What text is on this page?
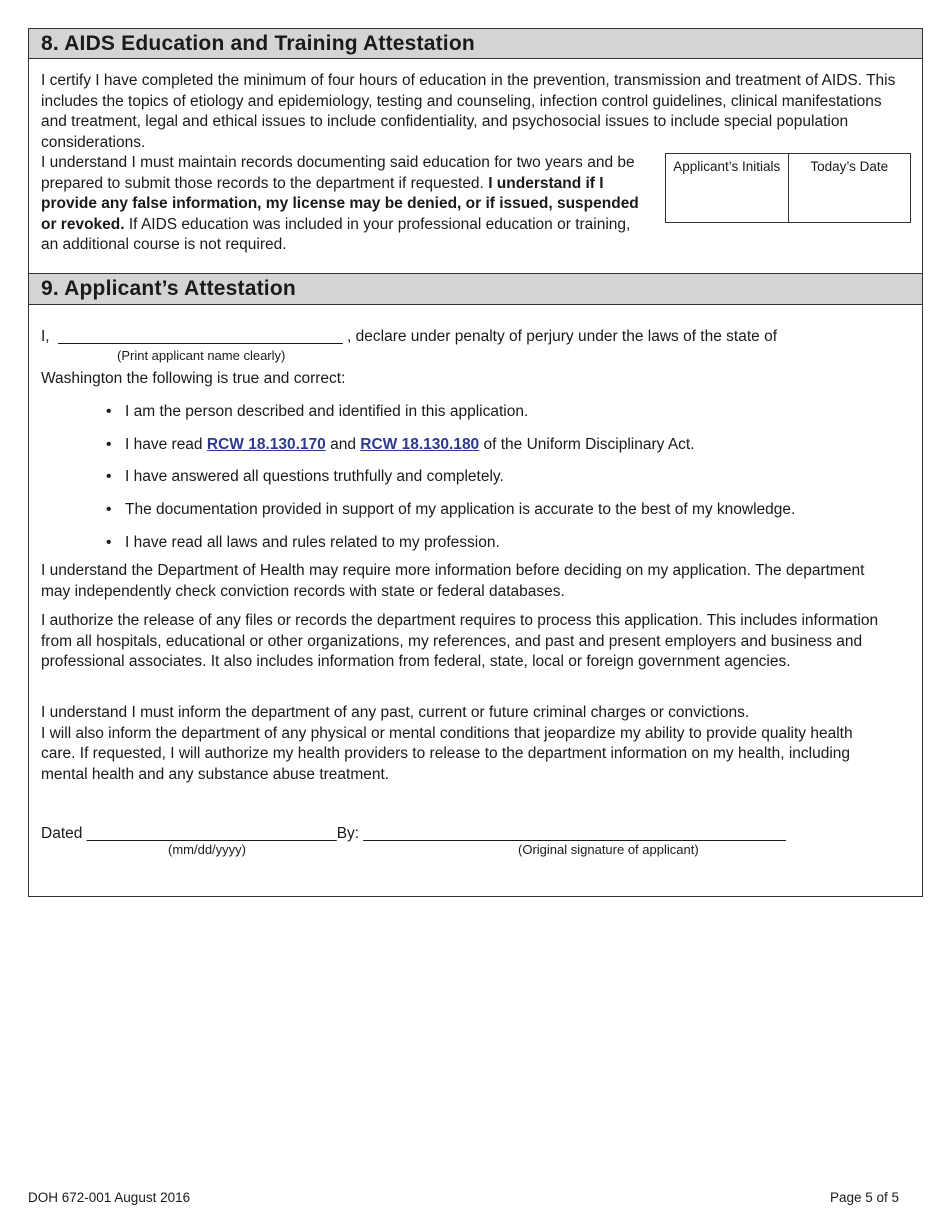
8. AIDS Education and Training Attestation

I certify I have completed the minimum of four hours of education in the prevention, transmission and treatment of AIDS. This includes the topics of etiology and epidemiology, testing and counseling, infection control guidelines, clinical manifestations and treatment, legal and ethical issues to include confidentiality, and psychosocial issues to include special population considerations.

I understand I must maintain records documenting said education for two years and be prepared to submit those records to the department if requested. I understand if I provide any false information, my license may be denied, or if issued, suspended or revoked. If AIDS education was included in your professional education or training, an additional course is not required.

Applicant’s Initials	Today’s Date
9. Applicant’s Attestation
I, _________________________________ , declare under penalty of perjury under the laws of the state of
(Print applicant name clearly)
Washington the following is true and correct:
• I am the person described and identified in this application.
• I have read RCW 18.130.170 and RCW 18.130.180 of the Uniform Disciplinary Act.
• I have answered all questions truthfully and completely.
• The documentation provided in support of my application is accurate to the best of my knowledge.
• I have read all laws and rules related to my profession.

I understand the Department of Health may require more information before deciding on my application. The department may independently check conviction records with state or federal databases.

I authorize the release of any files or records the department requires to process this application. This includes information from all hospitals, educational or other organizations, my references, and past and present employers and business and professional associates. It also includes information from federal, state, local or foreign government agencies.

I understand I must inform the department of any past, current or future criminal charges or convictions.
I will also inform the department of any physical or mental conditions that jeopardize my ability to provide quality health care. If requested, I will authorize my health providers to release to the department information on my health, including mental health and any substance abuse treatment.

Dated _____________________________By: _________________________________________________
(mm/dd/yyyy)	(Original signature of applicant)
DOH 672-001 August 2016	Page 5 of 5
